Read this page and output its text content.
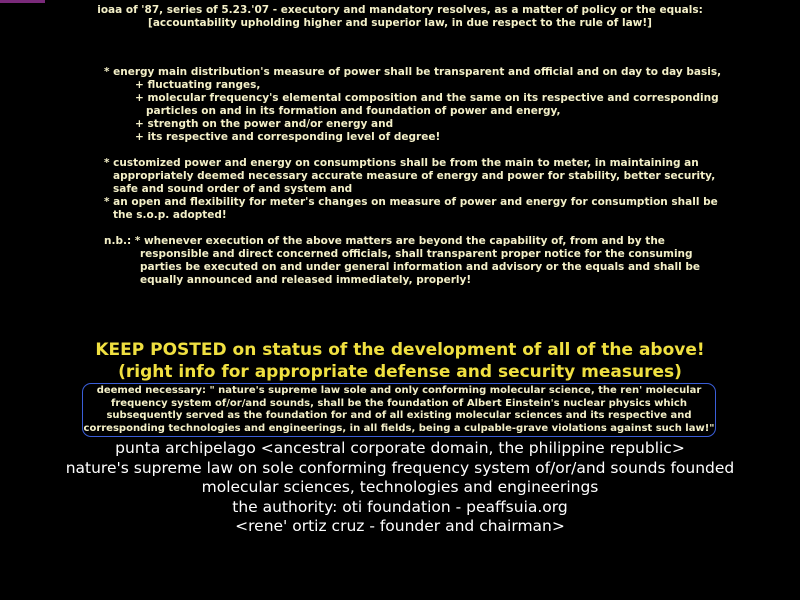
ioaa of '87, series of 5.23.'07 - executory and mandatory resolves, as a matter of policy or the equals:
[accountability upholding higher and superior law, in due respect to the rule of law!]
* energy main distribution's measure of power shall be transparent and official and on day to day basis,
+ fluctuating ranges,
+ molecular frequency's elemental composition and the same on its respective and corresponding
particles on and in its formation and foundation of power and energy,
+ strength on the power and/or energy and
+ its respective and corresponding level of degree!
* customized power and energy on consumptions shall be from the main to meter, in maintaining an
appropriately deemed necessary accurate measure of energy and power for stability, better security,
safe and sound order of and system and
* an open and flexibility for meter's changes on measure of power and energy for consumption shall be
the s.o.p. adopted!
n.b.: * whenever execution of the above matters are beyond the capability of, from and by the
responsible and direct concerned officials, shall transparent proper notice for the consuming
parties be executed on and under general information and advisory or the equals and shall be
equally announced and released immediately, properly!
KEEP POSTED on status of the development of all of the above!
(right info for appropriate defense and security measures)
deemed necessary: " nature's supreme law sole and only conforming molecular science, the ren' molecular
frequency system of/or/and sounds, shall be the foundation of Albert Einstein's nuclear physics which
subsequently served as the foundation for and of all existing molecular sciences and its respective and
corresponding technologies and engineerings, in all fields, being a culpable-grave violations against such law!"
punta archipelago <ancestral corporate domain, the philippine republic>
nature's supreme law on sole conforming frequency system of/or/and sounds founded
molecular sciences, technologies and engineerings
the authority: oti foundation - peaffsuia.org
<rene' ortiz cruz - founder and chairman>
